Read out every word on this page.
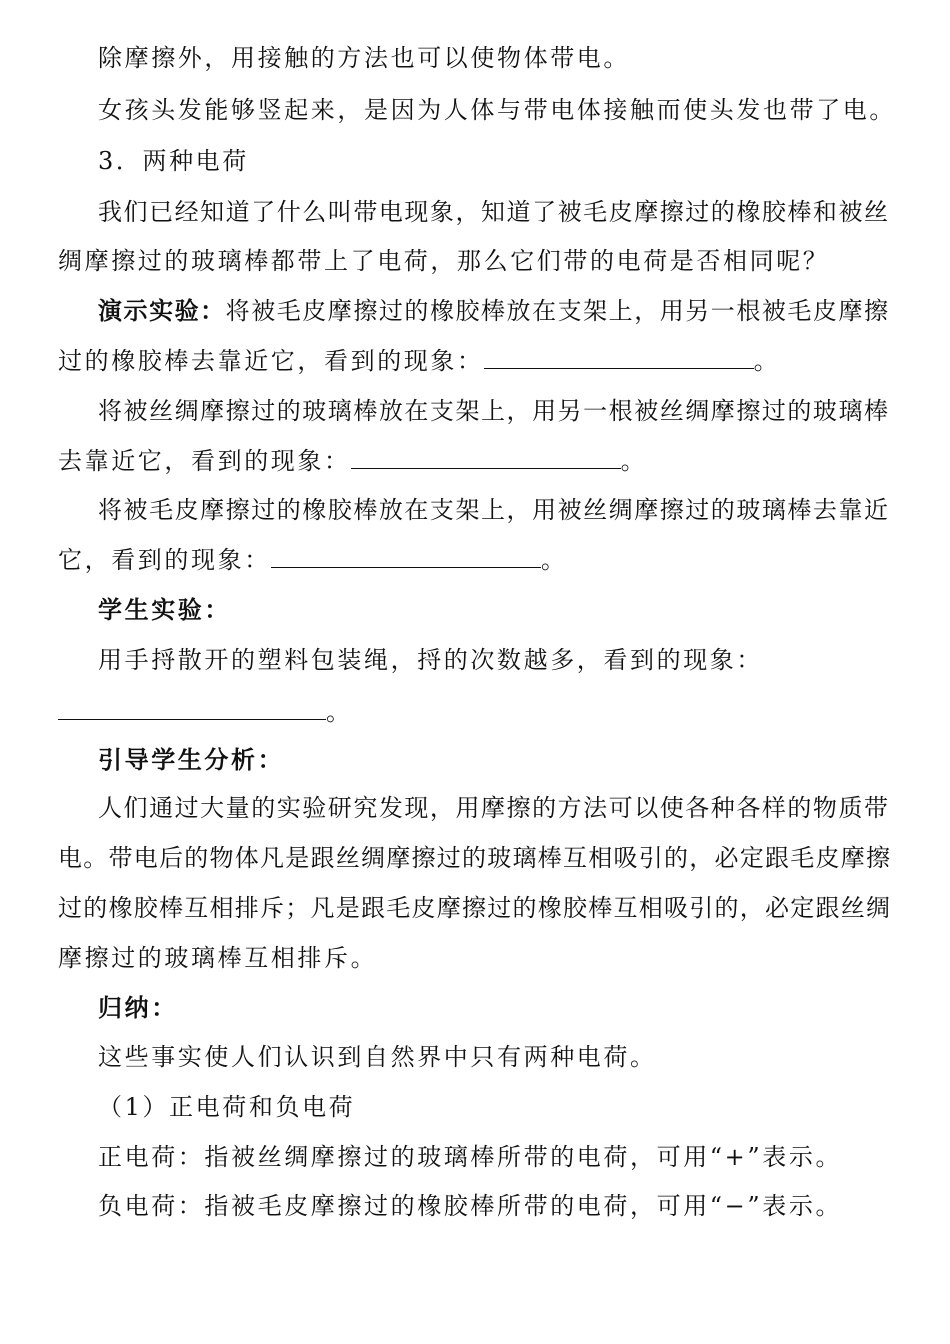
除摩擦外，用接触的方法也可以使物体带电。
女孩头发能够竖起来，是因为人体与带电体接触而使头发也带了电。
3．两种电荷
我们已经知道了什么叫带电现象，知道了被毛皮摩擦过的橡胶棒和被丝
绸摩擦过的玻璃棒都带上了电荷，那么它们带的电荷是否相同呢？
演示实验：将被毛皮摩擦过的橡胶棒放在支架上，用另一根被毛皮摩擦
过的橡胶棒去靠近它，看到的现象：	。
将被丝绸摩擦过的玻璃棒放在支架上，用另一根被丝绸摩擦过的玻璃棒
去靠近它，看到的现象：	。
将被毛皮摩擦过的橡胶棒放在支架上，用被丝绸摩擦过的玻璃棒去靠近
它，看到的现象：	。
学生实验：
用手捋散开的塑料包装绳，捋的次数越多，看到的现象：
。
引导学生分析：
人们通过大量的实验研究发现，用摩擦的方法可以使各种各样的物质带
电。带电后的物体凡是跟丝绸摩擦过的玻璃棒互相吸引的，必定跟毛皮摩擦
过的橡胶棒互相排斥；凡是跟毛皮摩擦过的橡胶棒互相吸引的，必定跟丝绸
摩擦过的玻璃棒互相排斥。
归纳：
这些事实使人们认识到自然界中只有两种电荷。
（1）正电荷和负电荷
正电荷：指被丝绸摩擦过的玻璃棒所带的电荷，可用“+”表示。
负电荷：指被毛皮摩擦过的橡胶棒所带的电荷，可用“−”表示。
